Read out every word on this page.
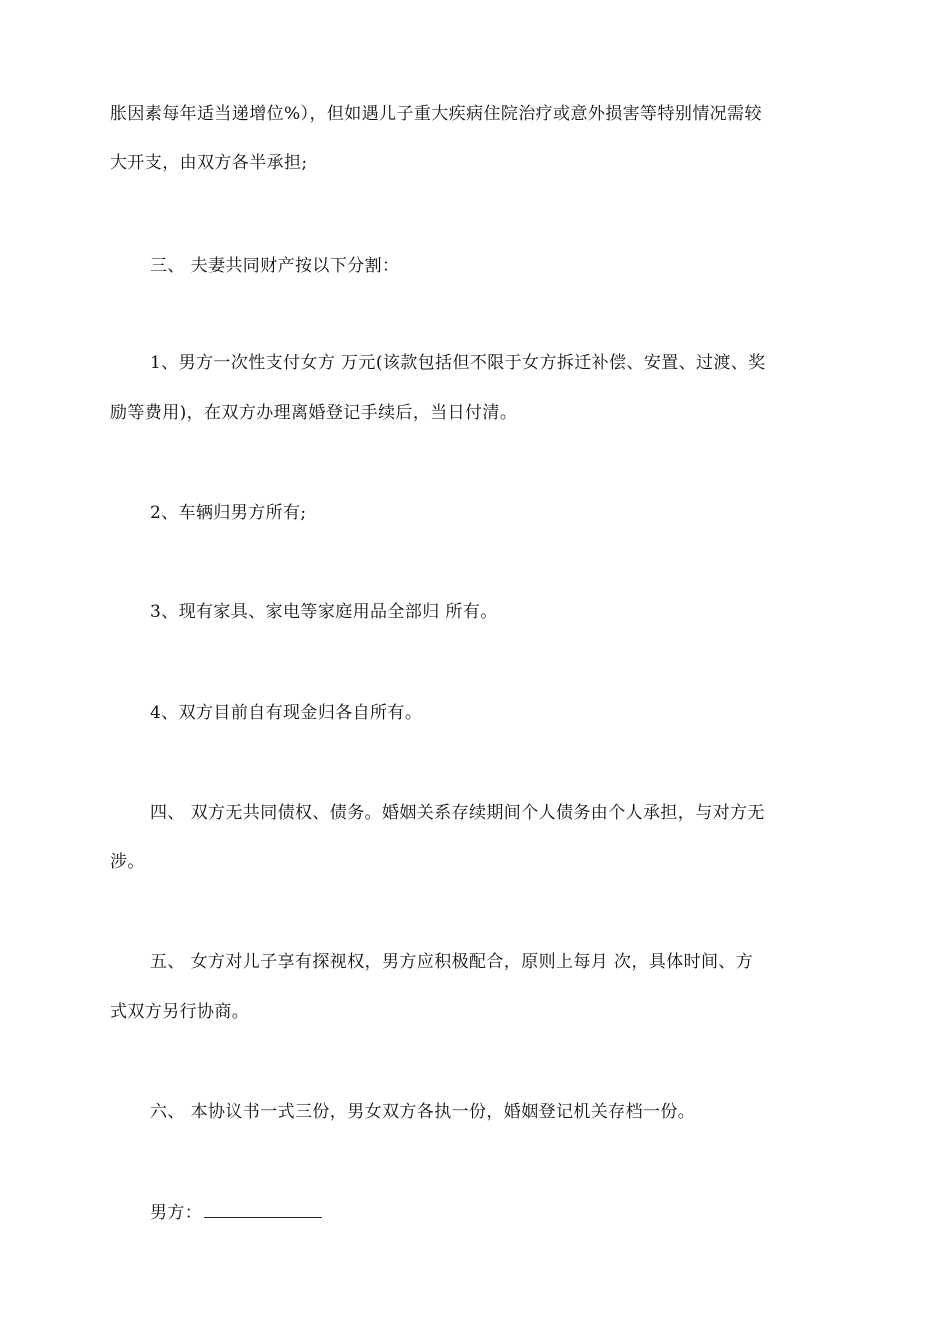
胀因素每年适当递增位%），但如遇儿子重大疾病住院治疗或意外损害等特别情况需较
大开支，由双方各半承担;
三、 夫妻共同财产按以下分割：
1、男方一次性支付女方 万元(该款包括但不限于女方拆迁补偿、安置、过渡、奖
励等费用)，在双方办理离婚登记手续后，当日付清。
2、车辆归男方所有;
3、现有家具、家电等家庭用品全部归 所有。
4、双方目前自有现金归各自所有。
四、 双方无共同债权、债务。婚姻关系存续期间个人债务由个人承担，与对方无
涉。
五、 女方对儿子享有探视权，男方应积极配合，原则上每月 次，具体时间、方
式双方另行协商。
六、 本协议书一式三份，男女双方各执一份，婚姻登记机关存档一份。
男方：
